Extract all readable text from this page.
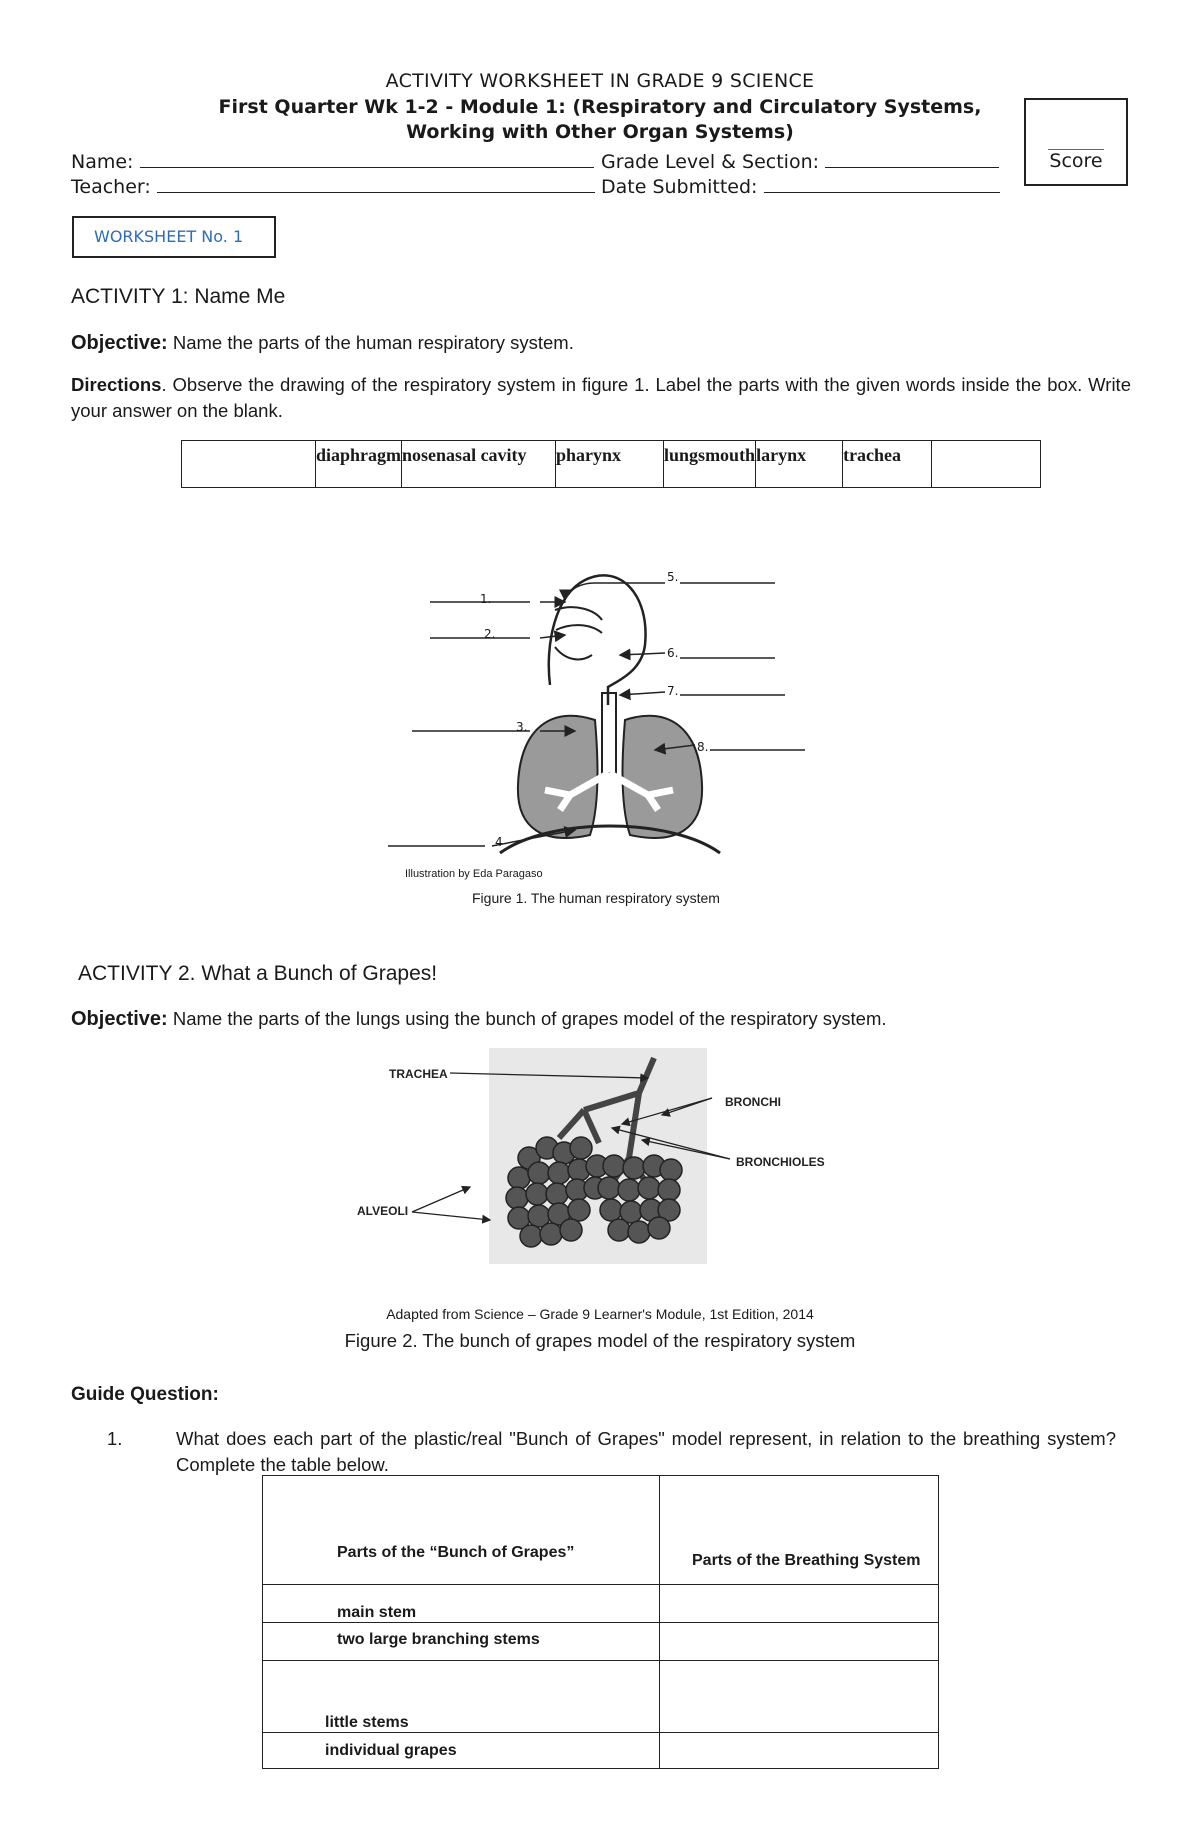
ACTIVITY WORKSHEET IN GRADE 9 SCIENCE
First Quarter Wk 1-2 - Module 1: (Respiratory and Circulatory Systems,
Working with Other Organ Systems)
Name:	Grade Level & Section:
Teacher:	Date Submitted:
Score
WORKSHEET No. 1
ACTIVITY 1: Name Me
Objective: Name the parts of the human respiratory system.
Directions. Observe the drawing of the respiratory system in figure 1. Label the parts with the given words inside the box. Write your answer on the blank.
	diaphragm	nosenasal cavity	pharynx	lungsmouth	larynx	trachea	
1.
2.
3.
4
5.
6.
7.
8.
Illustration by Eda Paragaso
Figure 1. The human respiratory system
ACTIVITY 2. What a Bunch of Grapes!
Objective: Name the parts of the lungs using the bunch of grapes model of the respiratory system.
TRACHEA
BRONCHI
BRONCHIOLES
ALVEOLI
Adapted from Science – Grade 9 Learner's Module, 1st Edition, 2014
Figure 2. The bunch of grapes model of the respiratory system
Guide Question:
1.	What does each part of the plastic/real "Bunch of Grapes" model represent, in relation to the breathing system? Complete the table below.
Parts of the “Bunch of Grapes”	Parts of the Breathing System
main stem	
two large branching stems	
little stems	
individual grapes	
